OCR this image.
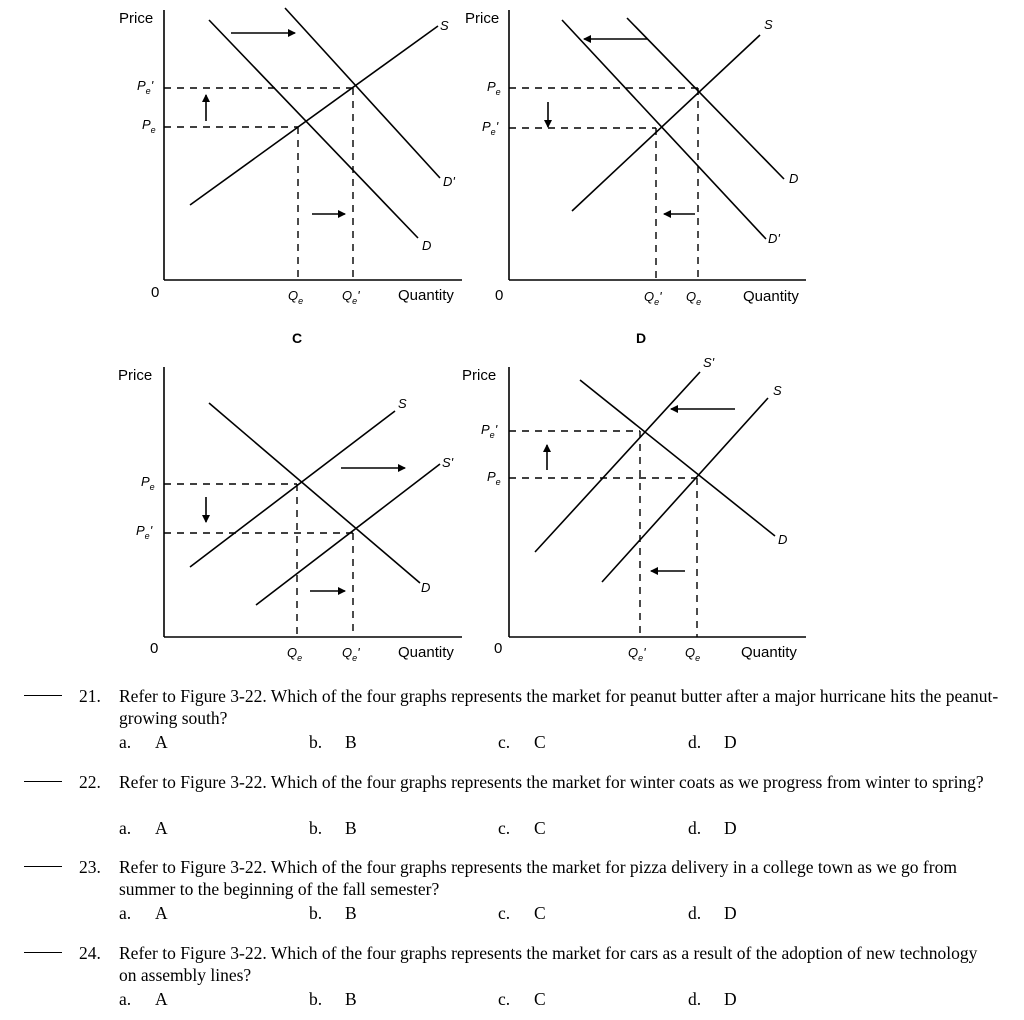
Price
0	Quantity
C
S
D
D'
$P_e'$
$P_e$
$Q_e$	$Q_e'$
Price
0	Quantity
D
S
D
D'
$P_e$
$P_e'$
$Q_e'$ $Q_e$
Price
0	Quantity
S
S'
D
$P_e$
$P_e'$
$Q_e$	$Q_e'$
Price
0	Quantity
S'
S
D
$P_e'$
$P_e$
$Q_e'$	$Q_e$
21. Refer to Figure 3-22. Which of the four graphs represents the market for peanut butter after a major hurricane hits the peanut-growing south?
a. A	b. B	c. C	d. D
22. Refer to Figure 3-22. Which of the four graphs represents the market for winter coats as we progress from winter to spring?
a. A	b. B	c. C	d. D
23. Refer to Figure 3-22. Which of the four graphs represents the market for pizza delivery in a college town as we go from summer to the beginning of the fall semester?
a. A	b. B	c. C	d. D
24. Refer to Figure 3-22. Which of the four graphs represents the market for cars as a result of the adoption of new technology on assembly lines?
a. A	b. B	c. C	d. D
